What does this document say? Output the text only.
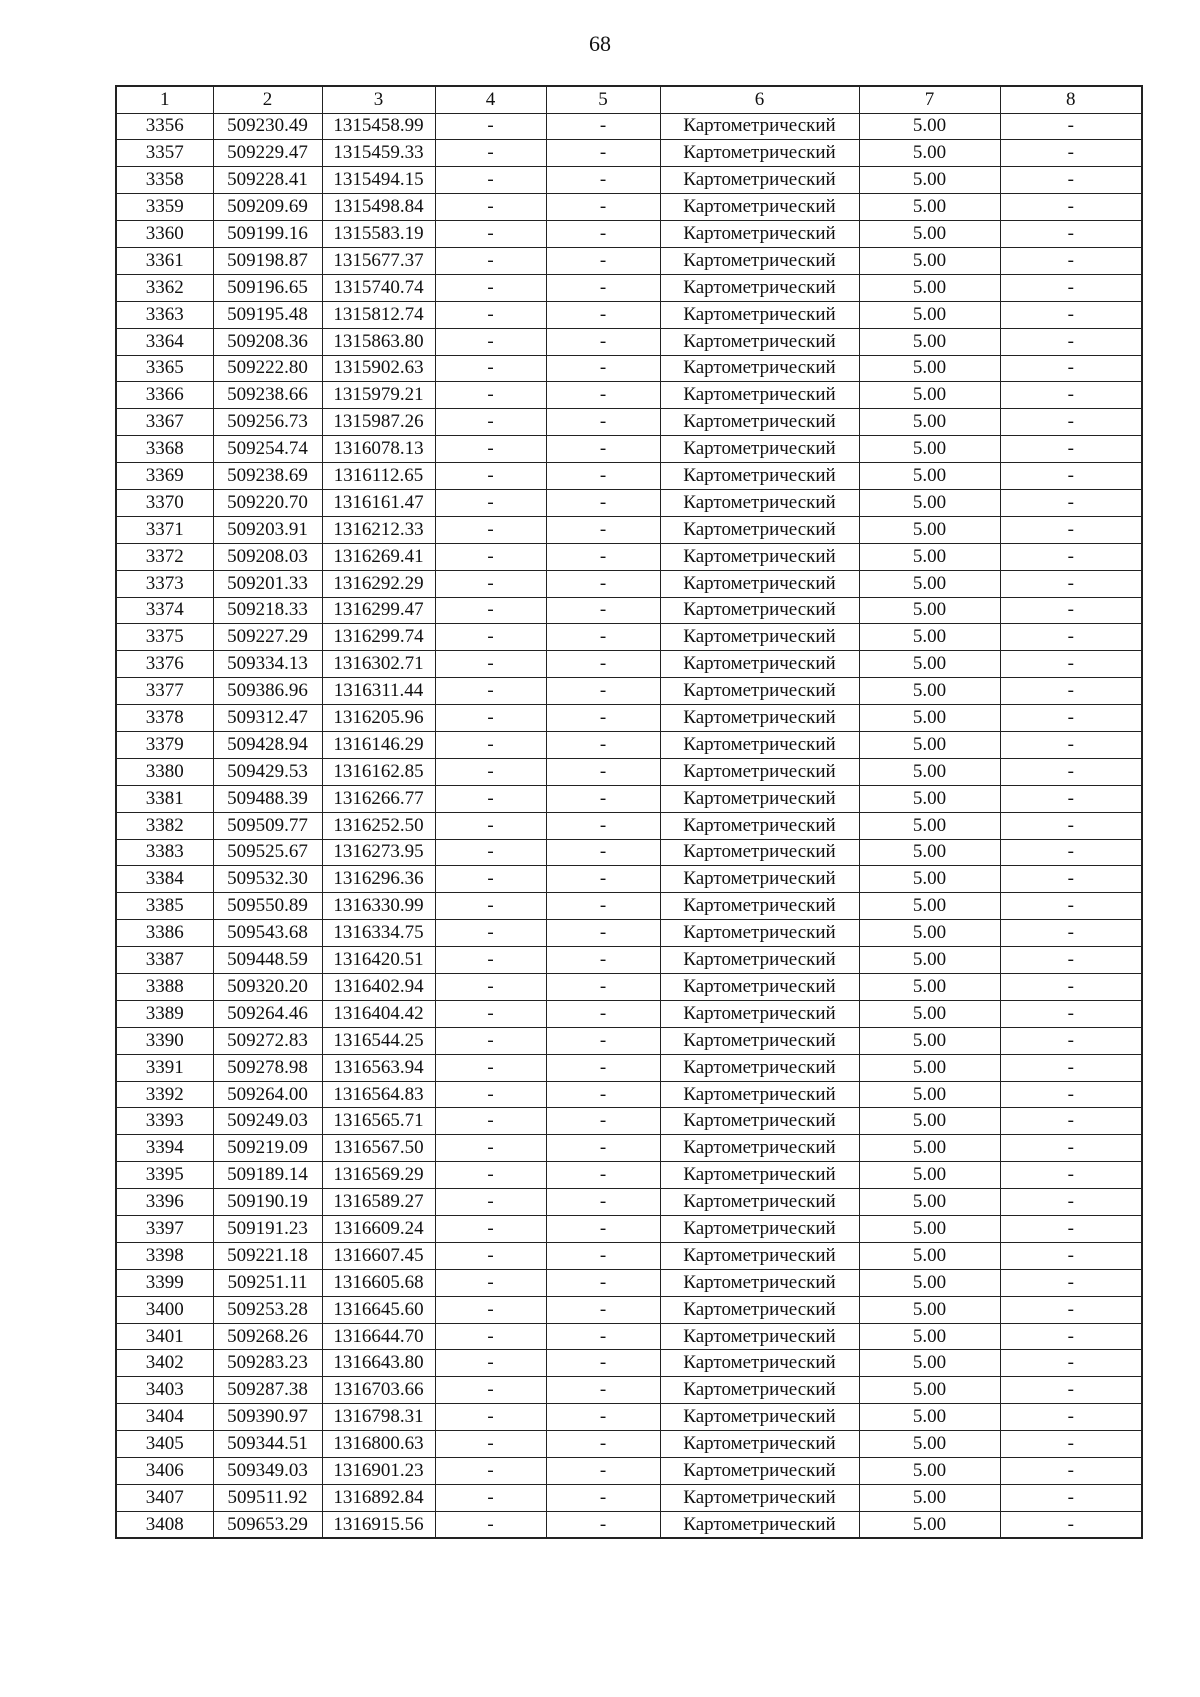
68
1	2	3	4	5	6	7	8
3356	509230.49	1315458.99	-	-	Картометрический	5.00	-
3357	509229.47	1315459.33	-	-	Картометрический	5.00	-
3358	509228.41	1315494.15	-	-	Картометрический	5.00	-
3359	509209.69	1315498.84	-	-	Картометрический	5.00	-
3360	509199.16	1315583.19	-	-	Картометрический	5.00	-
3361	509198.87	1315677.37	-	-	Картометрический	5.00	-
3362	509196.65	1315740.74	-	-	Картометрический	5.00	-
3363	509195.48	1315812.74	-	-	Картометрический	5.00	-
3364	509208.36	1315863.80	-	-	Картометрический	5.00	-
3365	509222.80	1315902.63	-	-	Картометрический	5.00	-
3366	509238.66	1315979.21	-	-	Картометрический	5.00	-
3367	509256.73	1315987.26	-	-	Картометрический	5.00	-
3368	509254.74	1316078.13	-	-	Картометрический	5.00	-
3369	509238.69	1316112.65	-	-	Картометрический	5.00	-
3370	509220.70	1316161.47	-	-	Картометрический	5.00	-
3371	509203.91	1316212.33	-	-	Картометрический	5.00	-
3372	509208.03	1316269.41	-	-	Картометрический	5.00	-
3373	509201.33	1316292.29	-	-	Картометрический	5.00	-
3374	509218.33	1316299.47	-	-	Картометрический	5.00	-
3375	509227.29	1316299.74	-	-	Картометрический	5.00	-
3376	509334.13	1316302.71	-	-	Картометрический	5.00	-
3377	509386.96	1316311.44	-	-	Картометрический	5.00	-
3378	509312.47	1316205.96	-	-	Картометрический	5.00	-
3379	509428.94	1316146.29	-	-	Картометрический	5.00	-
3380	509429.53	1316162.85	-	-	Картометрический	5.00	-
3381	509488.39	1316266.77	-	-	Картометрический	5.00	-
3382	509509.77	1316252.50	-	-	Картометрический	5.00	-
3383	509525.67	1316273.95	-	-	Картометрический	5.00	-
3384	509532.30	1316296.36	-	-	Картометрический	5.00	-
3385	509550.89	1316330.99	-	-	Картометрический	5.00	-
3386	509543.68	1316334.75	-	-	Картометрический	5.00	-
3387	509448.59	1316420.51	-	-	Картометрический	5.00	-
3388	509320.20	1316402.94	-	-	Картометрический	5.00	-
3389	509264.46	1316404.42	-	-	Картометрический	5.00	-
3390	509272.83	1316544.25	-	-	Картометрический	5.00	-
3391	509278.98	1316563.94	-	-	Картометрический	5.00	-
3392	509264.00	1316564.83	-	-	Картометрический	5.00	-
3393	509249.03	1316565.71	-	-	Картометрический	5.00	-
3394	509219.09	1316567.50	-	-	Картометрический	5.00	-
3395	509189.14	1316569.29	-	-	Картометрический	5.00	-
3396	509190.19	1316589.27	-	-	Картометрический	5.00	-
3397	509191.23	1316609.24	-	-	Картометрический	5.00	-
3398	509221.18	1316607.45	-	-	Картометрический	5.00	-
3399	509251.11	1316605.68	-	-	Картометрический	5.00	-
3400	509253.28	1316645.60	-	-	Картометрический	5.00	-
3401	509268.26	1316644.70	-	-	Картометрический	5.00	-
3402	509283.23	1316643.80	-	-	Картометрический	5.00	-
3403	509287.38	1316703.66	-	-	Картометрический	5.00	-
3404	509390.97	1316798.31	-	-	Картометрический	5.00	-
3405	509344.51	1316800.63	-	-	Картометрический	5.00	-
3406	509349.03	1316901.23	-	-	Картометрический	5.00	-
3407	509511.92	1316892.84	-	-	Картометрический	5.00	-
3408	509653.29	1316915.56	-	-	Картометрический	5.00	-
